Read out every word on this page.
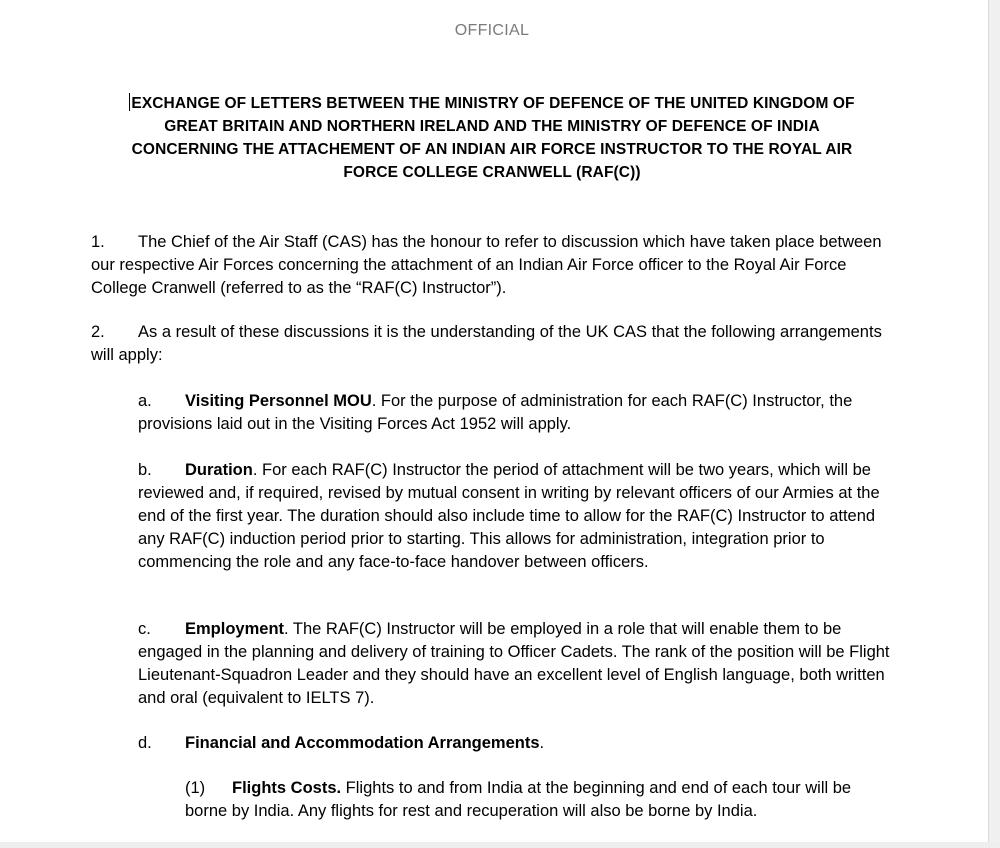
OFFICIAL
EXCHANGE OF LETTERS BETWEEN THE MINISTRY OF DEFENCE OF THE UNITED KINGDOM OF GREAT BRITAIN AND NORTHERN IRELAND AND THE MINISTRY OF DEFENCE OF INDIA CONCERNING THE ATTACHEMENT OF AN INDIAN AIR FORCE INSTRUCTOR TO THE ROYAL AIR FORCE COLLEGE CRANWELL (RAF(C))

1. The Chief of the Air Staff (CAS) has the honour to refer to discussion which have taken place between our respective Air Forces concerning the attachment of an Indian Air Force officer to the Royal Air Force College Cranwell (referred to as the “RAF(C) Instructor”).

2. As a result of these discussions it is the understanding of the UK CAS that the following arrangements will apply:

a. Visiting Personnel MOU. For the purpose of administration for each RAF(C) Instructor, the provisions laid out in the Visiting Forces Act 1952 will apply.

b. Duration. For each RAF(C) Instructor the period of attachment will be two years, which will be reviewed and, if required, revised by mutual consent in writing by relevant officers of our Armies at the end of the first year. The duration should also include time to allow for the RAF(C) Instructor to attend any RAF(C) induction period prior to starting. This allows for administration, integration prior to commencing the role and any face-to-face handover between officers.

c. Employment. The RAF(C) Instructor will be employed in a role that will enable them to be engaged in the planning and delivery of training to Officer Cadets. The rank of the position will be Flight Lieutenant-Squadron Leader and they should have an excellent level of English language, both written and oral (equivalent to IELTS 7).

d. Financial and Accommodation Arrangements.

(1) Flights Costs. Flights to and from India at the beginning and end of each tour will be borne by India. Any flights for rest and recuperation will also be borne by India.
